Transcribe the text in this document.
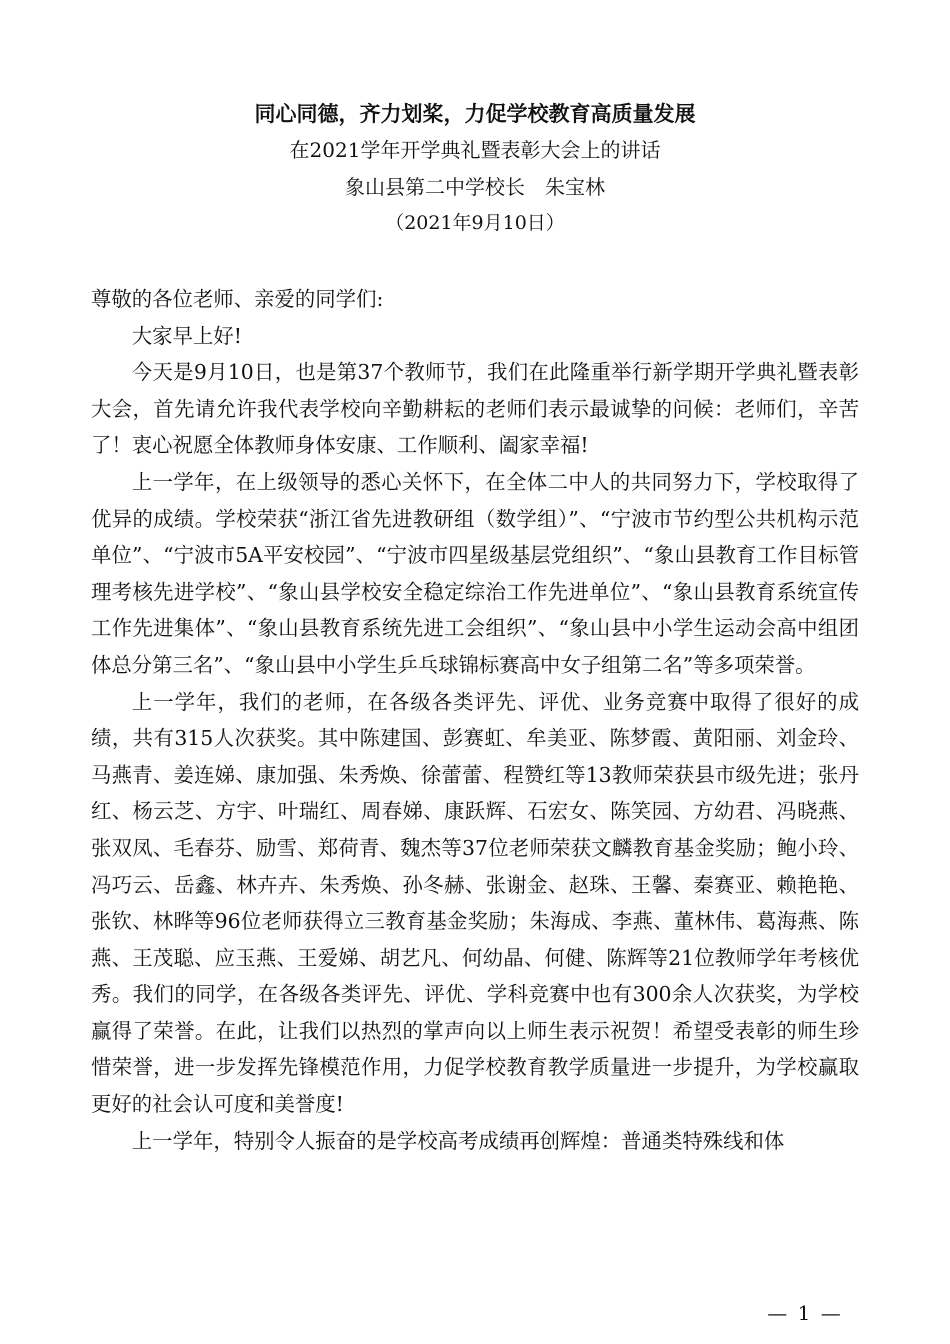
同心同德，齐力划桨，力促学校教育高质量发展
在2021学年开学典礼暨表彰大会上的讲话
象山县第二中学校长　朱宝林
（2021年9月10日）

尊敬的各位老师、亲爱的同学们:

大家早上好!

今天是9月10日，也是第37个教师节，我们在此隆重举行新学期开学典礼暨表彰大会，首先请允许我代表学校向辛勤耕耘的老师们表示最诚挚的问候：老师们，辛苦了！衷心祝愿全体教师身体安康、工作顺利、阖家幸福!

上一学年，在上级领导的悉心关怀下，在全体二中人的共同努力下，学校取得了优异的成绩。学校荣获“浙江省先进教研组（数学组）”、“宁波市节约型公共机构示范单位”、“宁波市5A平安校园”、“宁波市四星级基层党组织”、“象山县教育工作目标管理考核先进学校”、“象山县学校安全稳定综治工作先进单位”、“象山县教育系统宣传工作先进集体”、“象山县教育系统先进工会组织”、“象山县中小学生运动会高中组团体总分第三名”、“象山县中小学生乒乓球锦标赛高中女子组第二名”等多项荣誉。

上一学年，我们的老师，在各级各类评先、评优、业务竞赛中取得了很好的成绩，共有315人次获奖。其中陈建国、彭赛虹、牟美亚、陈梦霞、黄阳丽、刘金玲、马燕青、姜连娣、康加强、朱秀焕、徐蕾蕾、程赞红等13教师荣获县市级先进；张丹红、杨云芝、方宇、叶瑞红、周春娣、康跃辉、石宏女、陈笑园、方幼君、冯晓燕、张双凤、毛春芬、励雪、郑荷青、魏杰等37位老师荣获文麟教育基金奖励；鲍小玲、冯巧云、岳鑫、林卉卉、朱秀焕、孙冬赫、张谢金、赵珠、王馨、秦赛亚、赖艳艳、张钦、林晔等96位老师获得立三教育基金奖励；朱海成、李燕、董林伟、葛海燕、陈燕、王茂聪、应玉燕、王爱娣、胡艺凡、何幼晶、何健、陈辉等21位教师学年考核优秀。我们的同学，在各级各类评先、评优、学科竞赛中也有300余人次获奖，为学校赢得了荣誉。在此，让我们以热烈的掌声向以上师生表示祝贺！希望受表彰的师生珍惜荣誉，进一步发挥先锋模范作用，力促学校教育教学质量进一步提升，为学校赢取更好的社会认可度和美誉度!

上一学年，特别令人振奋的是学校高考成绩再创辉煌：普通类特殊线和体

— 1 —
